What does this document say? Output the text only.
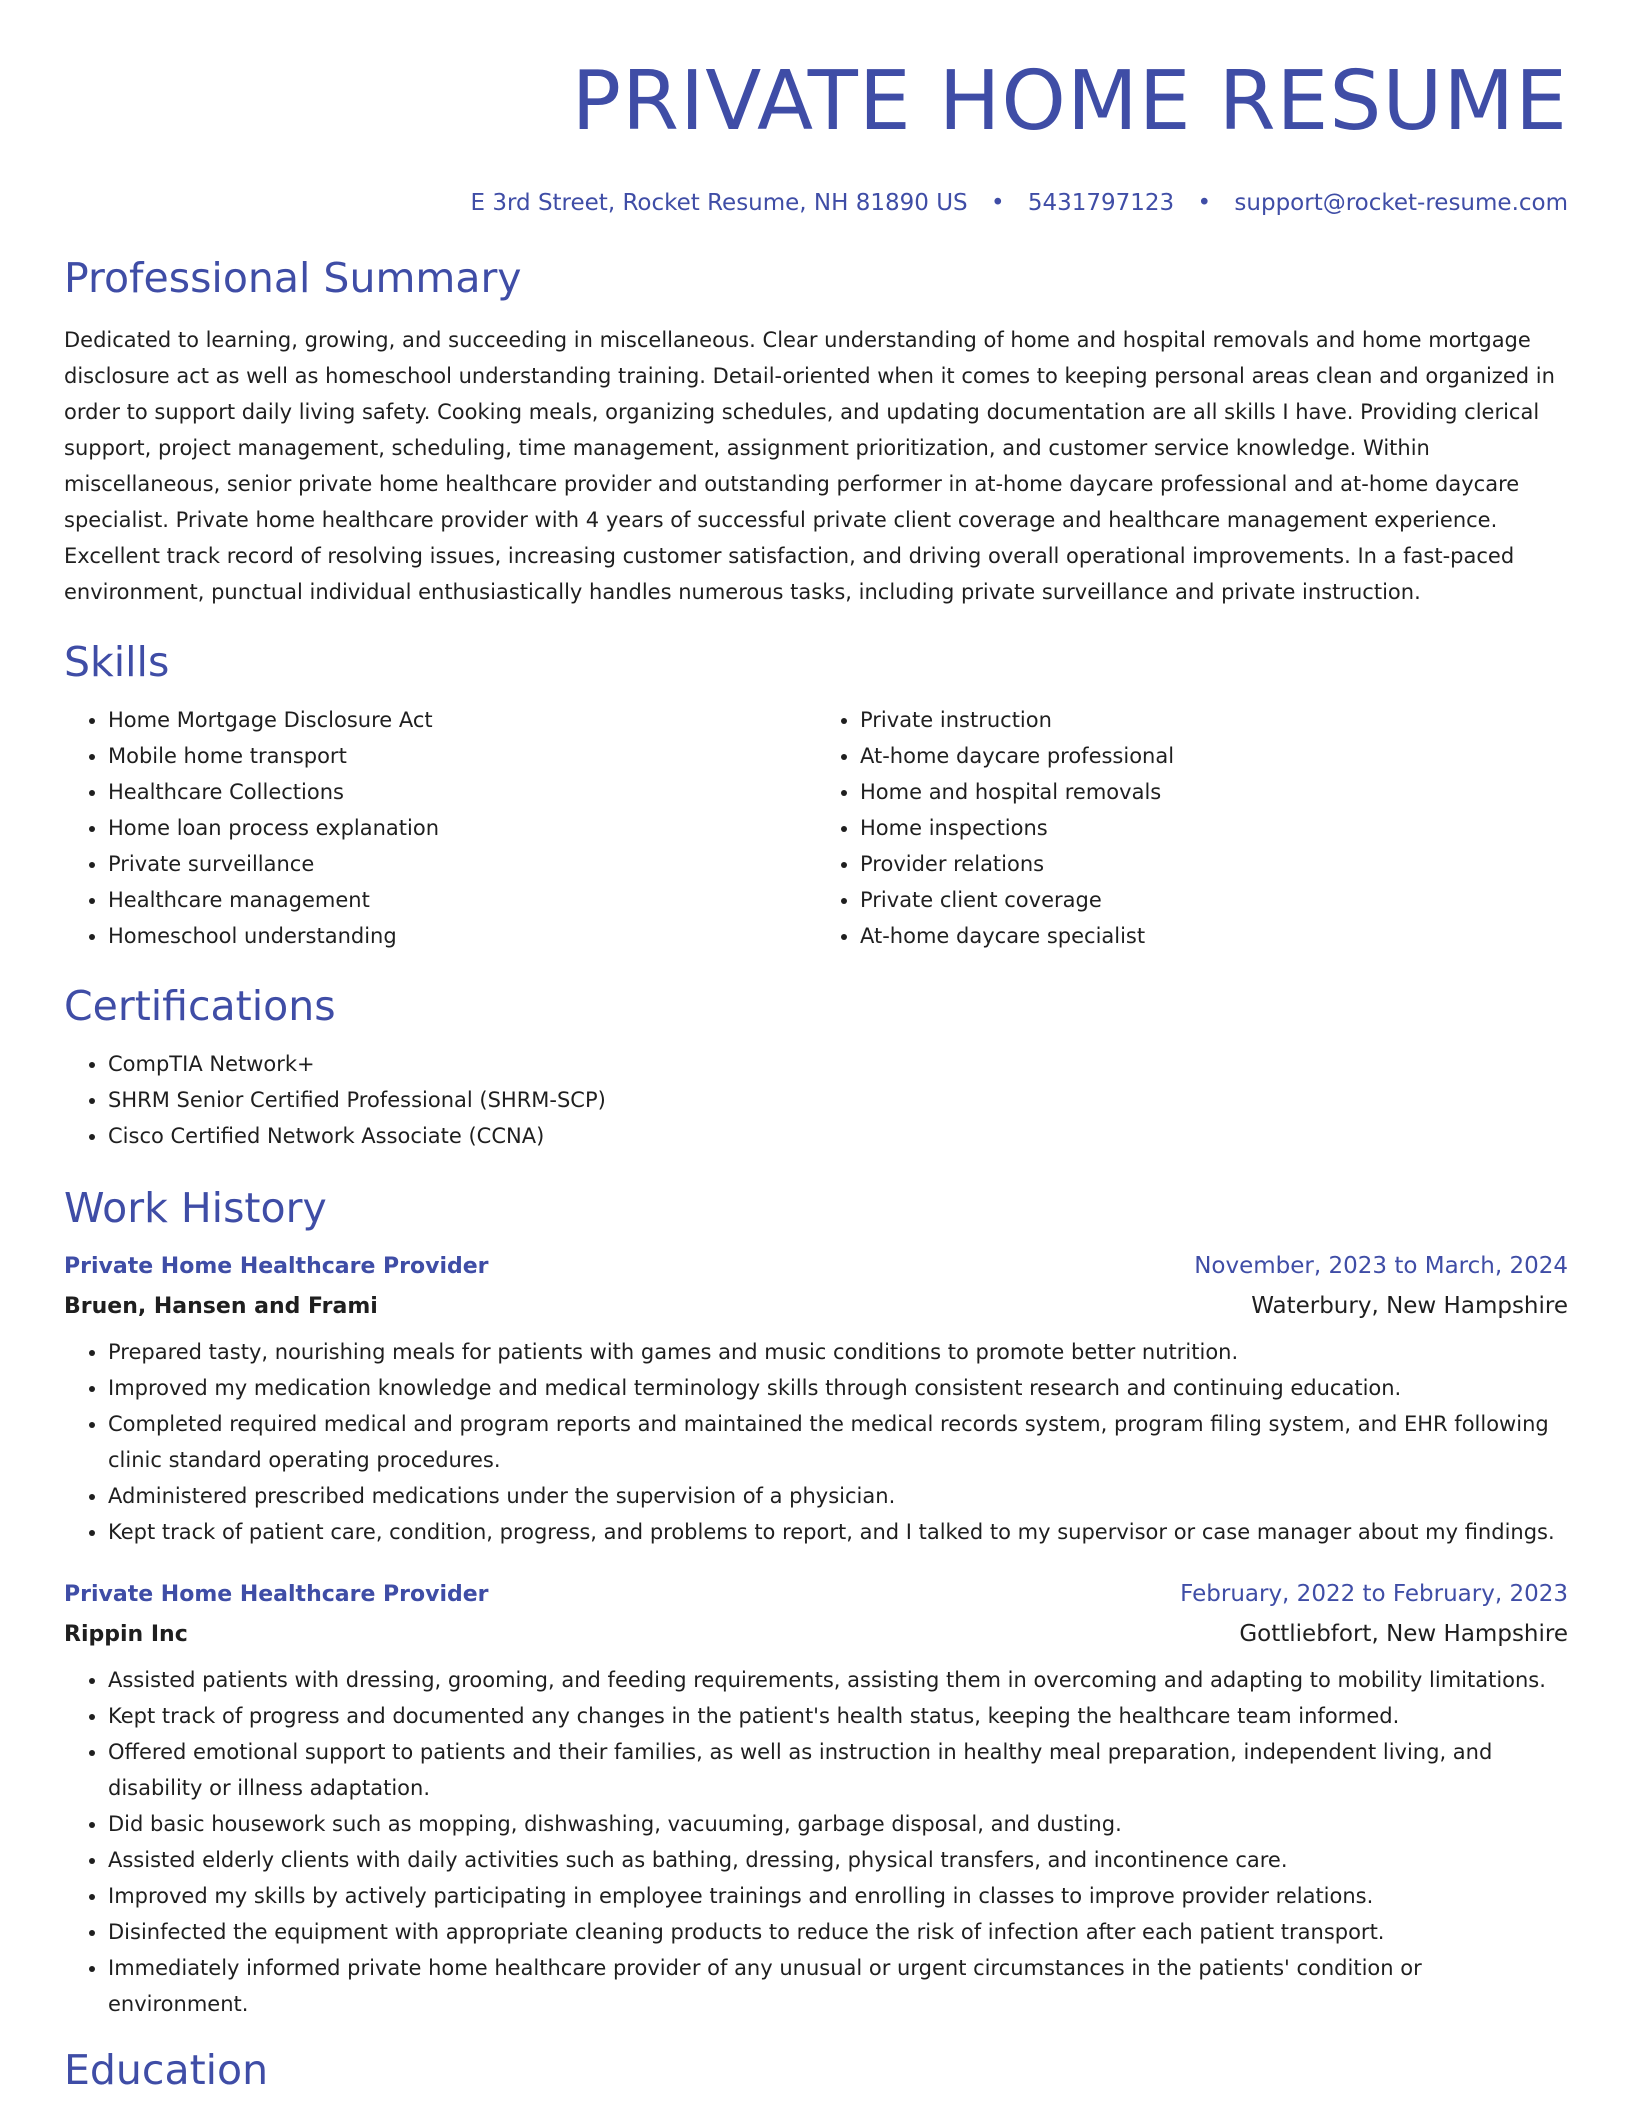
PRIVATE HOME RESUME
E 3rd Street, Rocket Resume, NH 81890 US • 5431797123 • support@rocket-resume.com
Professional Summary
Dedicated to learning, growing, and succeeding in miscellaneous. Clear understanding of home and hospital removals and home mortgage disclosure act as well as homeschool understanding training. Detail-oriented when it comes to keeping personal areas clean and organized in order to support daily living safety. Cooking meals, organizing schedules, and updating documentation are all skills I have. Providing clerical support, project management, scheduling, time management, assignment prioritization, and customer service knowledge. Within miscellaneous, senior private home healthcare provider and outstanding performer in at-home daycare professional and at-home daycare specialist. Private home healthcare provider with 4 years of successful private client coverage and healthcare management experience. Excellent track record of resolving issues, increasing customer satisfaction, and driving overall operational improvements. In a fast-paced environment, punctual individual enthusiastically handles numerous tasks, including private surveillance and private instruction.
Skills
• Home Mortgage Disclosure Act
• Mobile home transport
• Healthcare Collections
• Home loan process explanation
• Private surveillance
• Healthcare management
• Homeschool understanding
• Private instruction
• At-home daycare professional
• Home and hospital removals
• Home inspections
• Provider relations
• Private client coverage
• At-home daycare specialist
Certifications
• CompTIA Network+
• SHRM Senior Certified Professional (SHRM-SCP)
• Cisco Certified Network Associate (CCNA)
Work History
Private Home Healthcare Provider	November, 2023 to March, 2024
Bruen, Hansen and Frami	Waterbury, New Hampshire
• Prepared tasty, nourishing meals for patients with games and music conditions to promote better nutrition.
• Improved my medication knowledge and medical terminology skills through consistent research and continuing education.
• Completed required medical and program reports and maintained the medical records system, program filing system, and EHR following clinic standard operating procedures.
• Administered prescribed medications under the supervision of a physician.
• Kept track of patient care, condition, progress, and problems to report, and I talked to my supervisor or case manager about my findings.
Private Home Healthcare Provider	February, 2022 to February, 2023
Rippin Inc	Gottliebfort, New Hampshire
• Assisted patients with dressing, grooming, and feeding requirements, assisting them in overcoming and adapting to mobility limitations.
• Kept track of progress and documented any changes in the patient's health status, keeping the healthcare team informed.
• Offered emotional support to patients and their families, as well as instruction in healthy meal preparation, independent living, and disability or illness adaptation.
• Did basic housework such as mopping, dishwashing, vacuuming, garbage disposal, and dusting.
• Assisted elderly clients with daily activities such as bathing, dressing, physical transfers, and incontinence care.
• Improved my skills by actively participating in employee trainings and enrolling in classes to improve provider relations.
• Disinfected the equipment with appropriate cleaning products to reduce the risk of infection after each patient transport.
• Immediately informed private home healthcare provider of any unusual or urgent circumstances in the patients' condition or environment.
Education
